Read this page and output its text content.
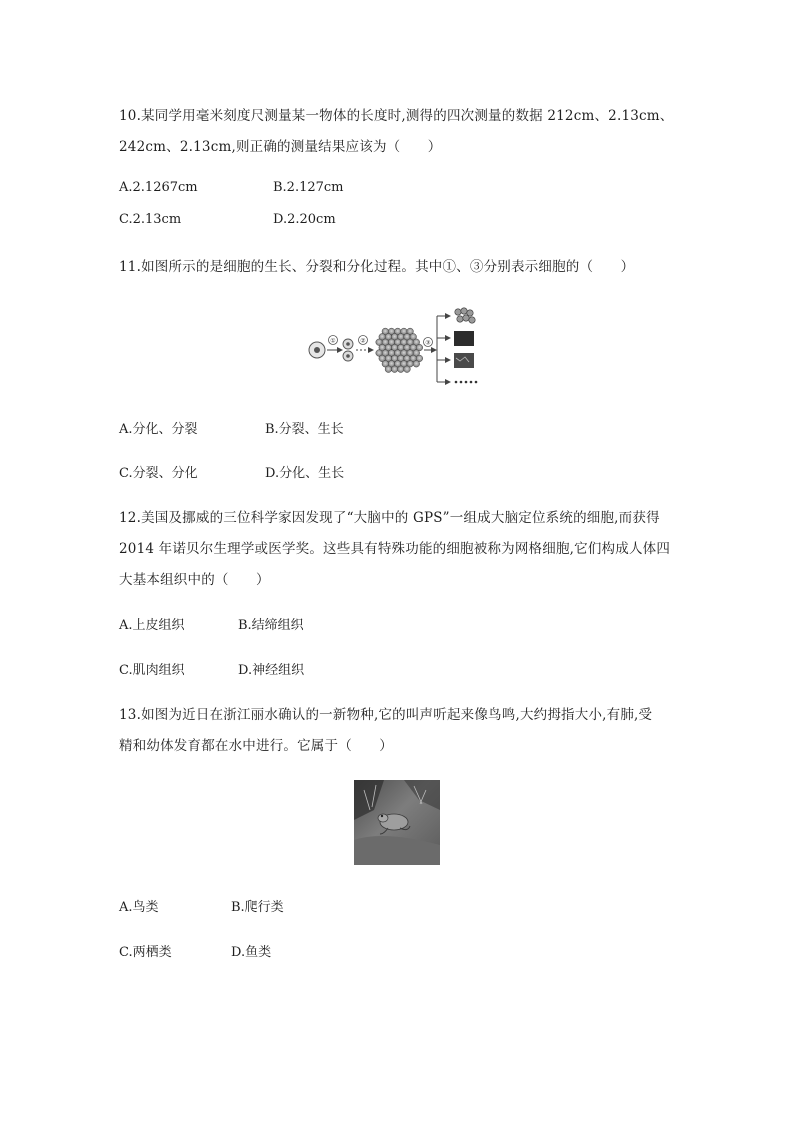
10.某同学用毫米刻度尺测量某一物体的长度时,测得的四次测量的数据 212cm、2.13cm、
242cm、2.13cm,则正确的测量结果应该为（　　）
A.2.1267cm	B.2.127cm
C.2.13cm	D.2.20cm
11.如图所示的是细胞的生长、分裂和分化过程。其中①、③分别表示细胞的（　　）
①	②	③
A.分化、分裂	B.分裂、生长
C.分裂、分化	D.分化、生长
12.美国及挪威的三位科学家因发现了“大脑中的 GPS”一组成大脑定位系统的细胞,而获得
2014 年诺贝尔生理学或医学奖。这些具有特殊功能的细胞被称为网格细胞,它们构成人体四
大基本组织中的（　　）
A.上皮组织	B.结缔组织
C.肌肉组织	D.神经组织
13.如图为近日在浙江丽水确认的一新物种,它的叫声听起来像鸟鸣,大约拇指大小,有肺,受
精和幼体发育都在水中进行。它属于（　　）
A.鸟类	B.爬行类
C.两栖类	D.鱼类
